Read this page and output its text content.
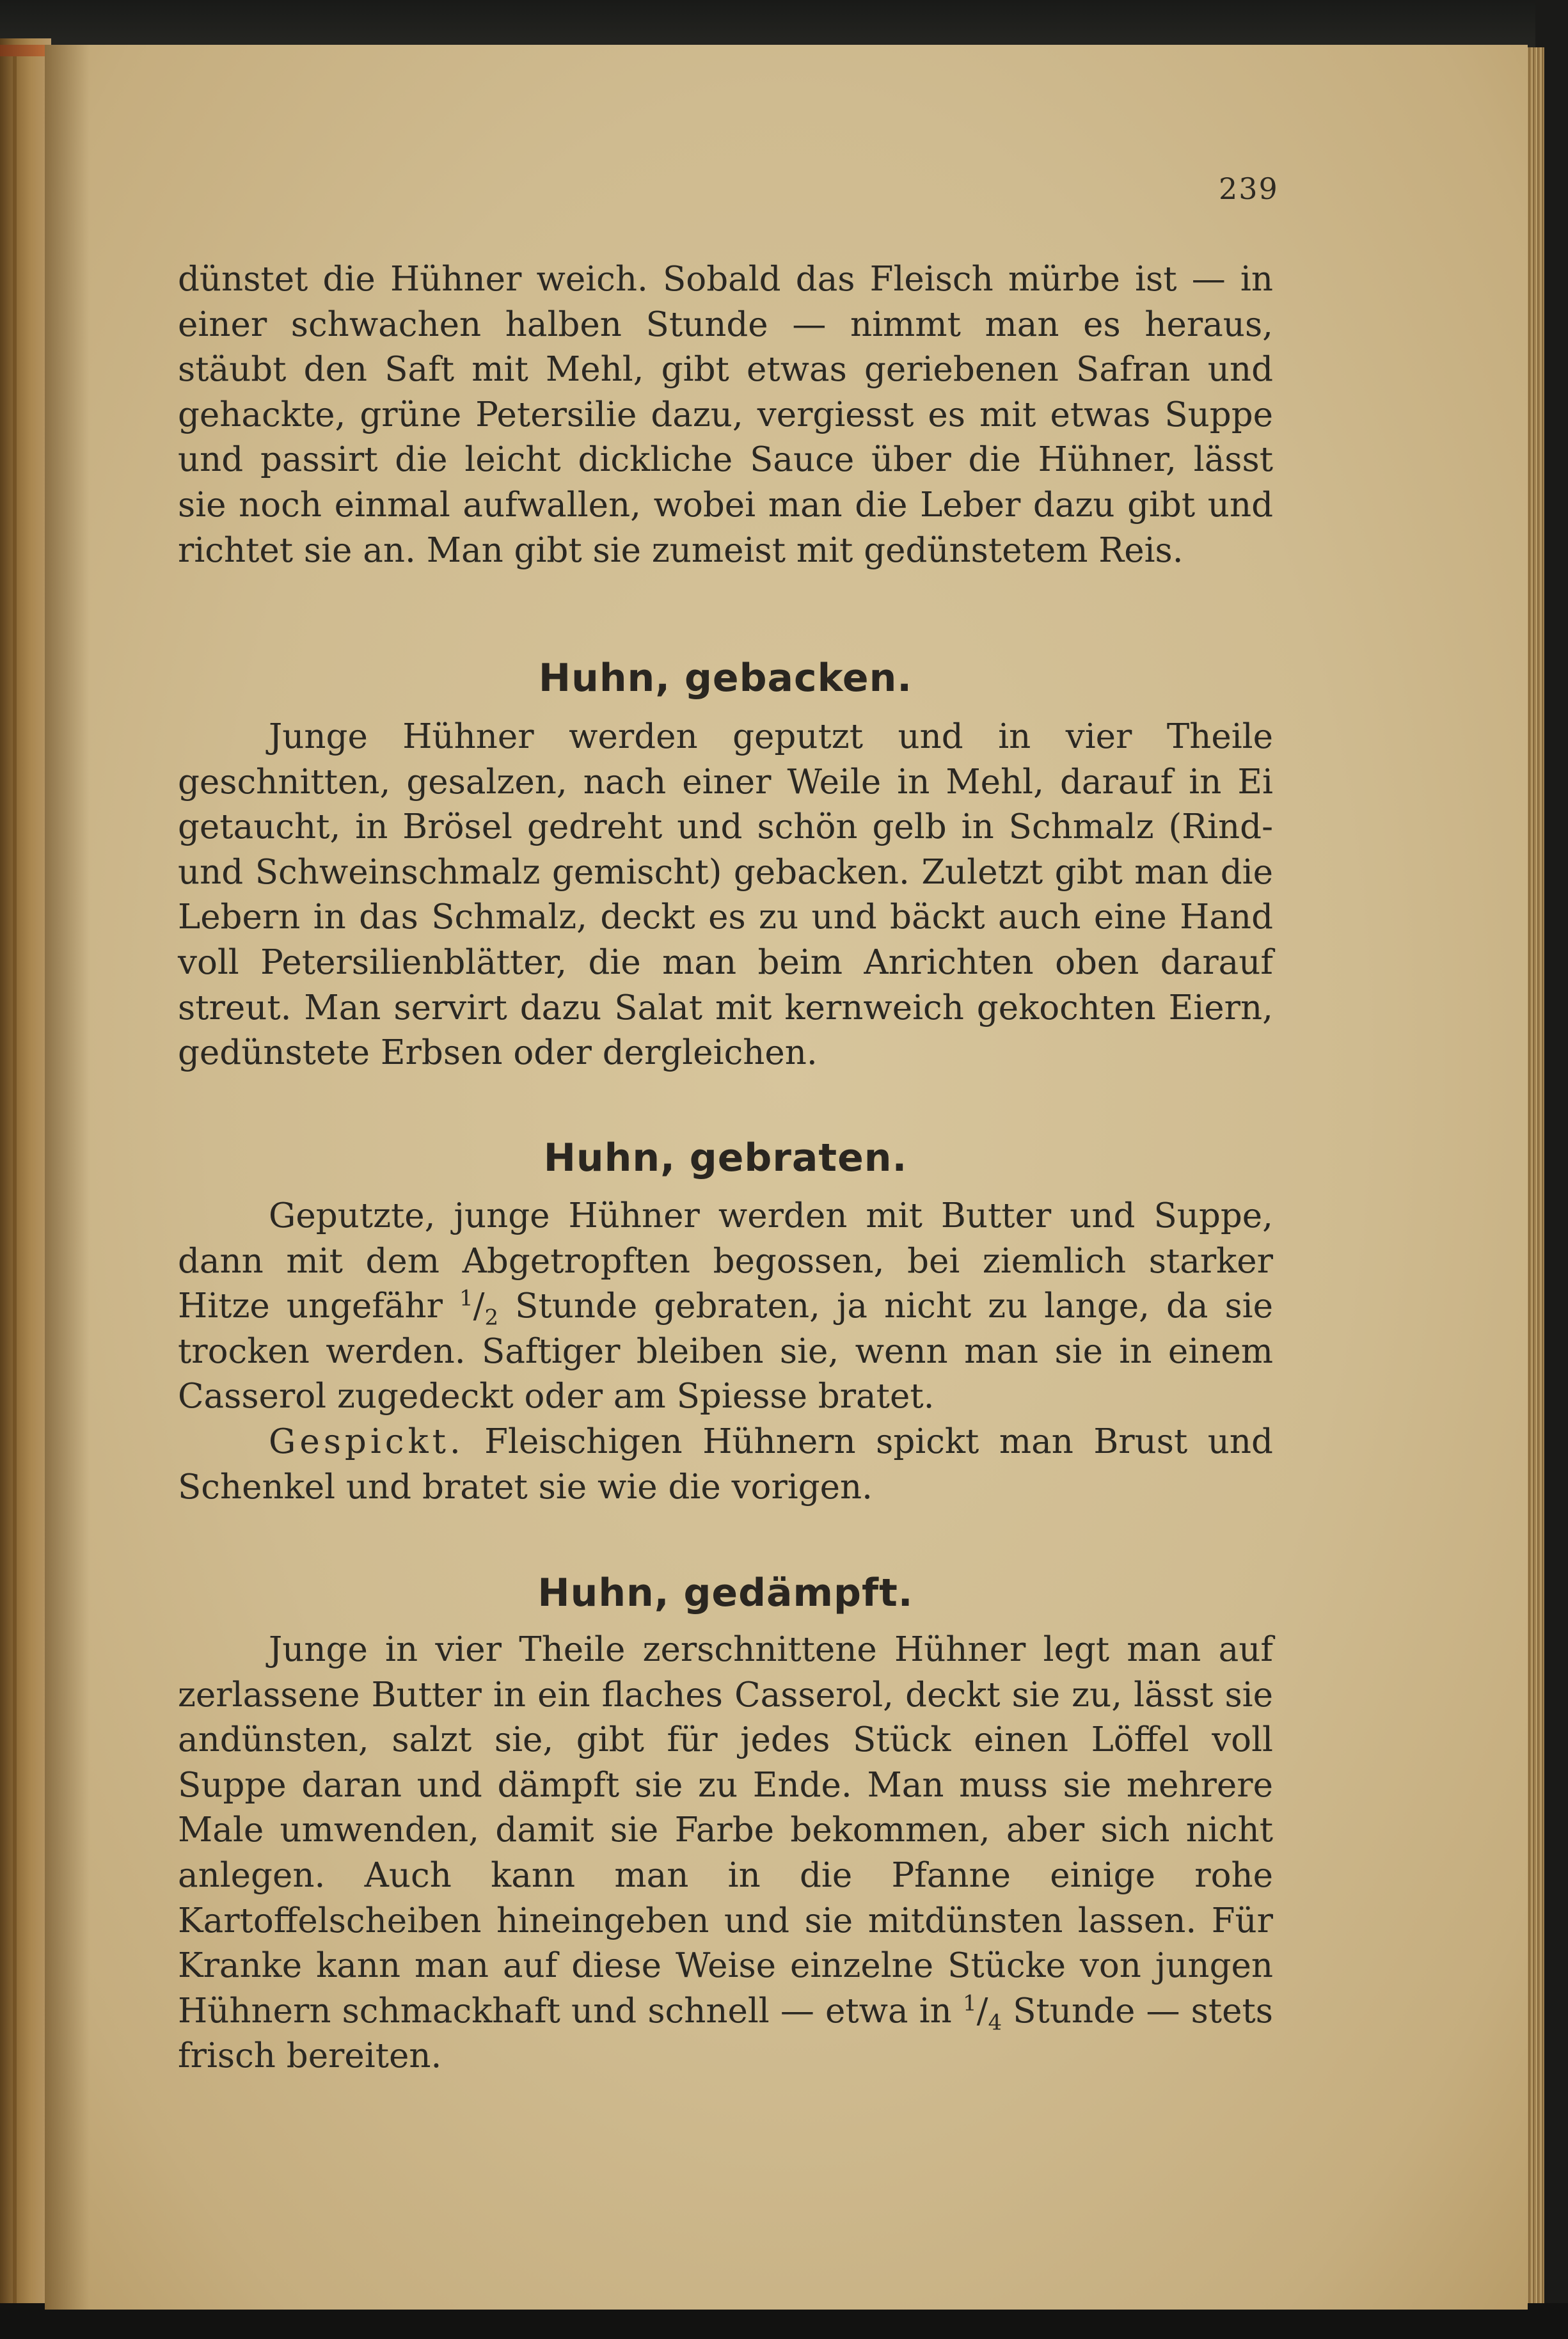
239

dünstet die Hühner weich. Sobald das Fleisch mürbe ist — in einer schwachen halben Stunde — nimmt man es heraus, stäubt den Saft mit Mehl, gibt etwas geriebenen Safran und gehackte, grüne Petersilie dazu, vergiesst es mit etwas Suppe und passirt die leicht dickliche Sauce über die Hühner, lässt sie noch einmal aufwallen, wobei man die Leber dazu gibt und richtet sie an. Man gibt sie zumeist mit gedünstetem Reis.

Huhn, gebacken.

Junge Hühner werden geputzt und in vier Theile geschnitten, gesalzen, nach einer Weile in Mehl, darauf in Ei getaucht, in Brösel gedreht und schön gelb in Schmalz (Rind- und Schweinschmalz gemischt) gebacken. Zuletzt gibt man die Lebern in das Schmalz, deckt es zu und bäckt auch eine Hand voll Petersilienblätter, die man beim Anrichten oben darauf streut. Man servirt dazu Salat mit kernweich gekochten Eiern, gedünstete Erbsen oder dergleichen.

Huhn, gebraten.

Geputzte, junge Hühner werden mit Butter und Suppe, dann mit dem Abgetropften begossen, bei ziemlich starker Hitze ungefähr $^1/_2$ Stunde gebraten, ja nicht zu lange, da sie trocken werden. Saftiger bleiben sie, wenn man sie in einem Casserol zugedeckt oder am Spiesse bratet.

Gespickt. Fleischigen Hühnern spickt man Brust und Schenkel und bratet sie wie die vorigen.

Huhn, gedämpft.

Junge in vier Theile zerschnittene Hühner legt man auf zerlassene Butter in ein flaches Casserol, deckt sie zu, lässt sie andünsten, salzt sie, gibt für jedes Stück einen Löffel voll Suppe daran und dämpft sie zu Ende. Man muss sie mehrere Male umwenden, damit sie Farbe bekommen, aber sich nicht anlegen. Auch kann man in die Pfanne einige rohe Kartoffelscheiben hineingeben und sie mitdünsten lassen. Für Kranke kann man auf diese Weise einzelne Stücke von jungen Hühnern schmackhaft und schnell — etwa in $^1/_4$ Stunde — stets frisch bereiten.
